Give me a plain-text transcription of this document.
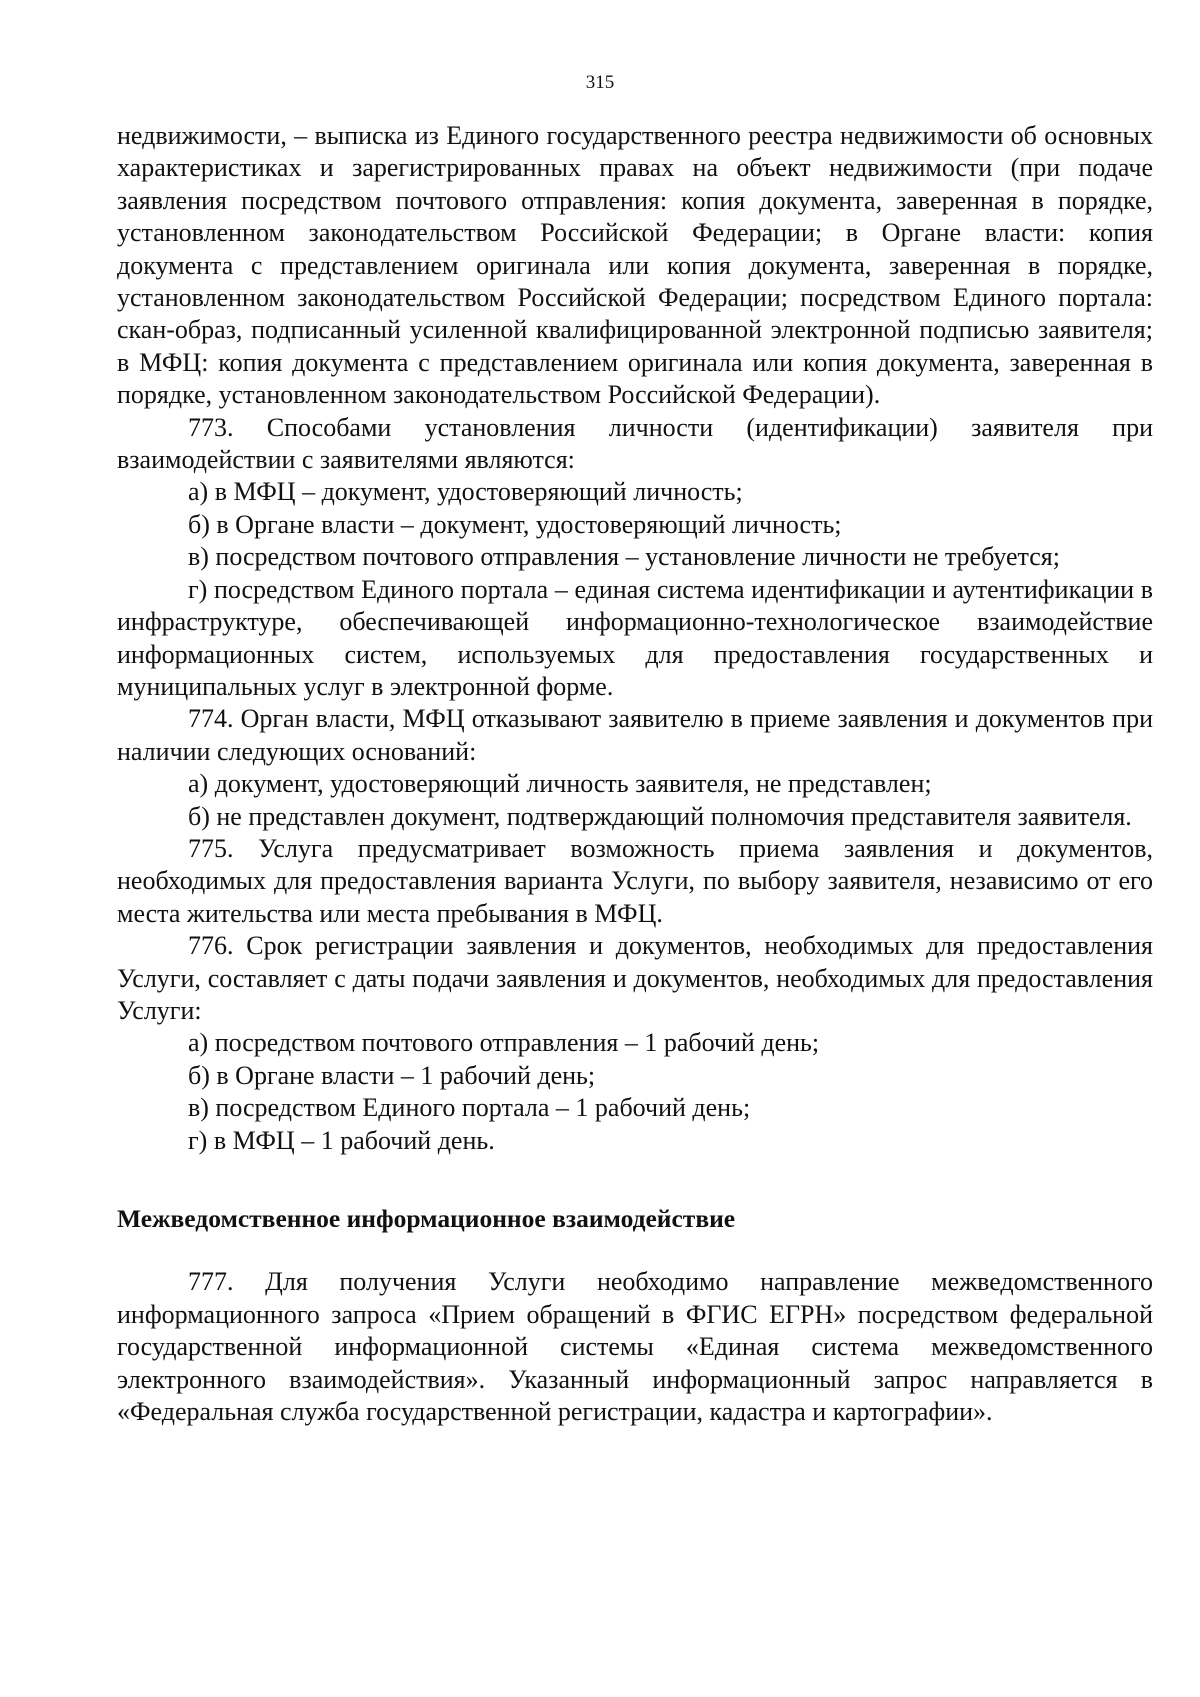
315

недвижимости, – выписка из Единого государственного реестра недвижимости об основных характеристиках и зарегистрированных правах на объект недвижимости (при подаче заявления посредством почтового отправления: копия документа, заверенная в порядке, установленном законодательством Российской Федерации; в Органе власти: копия документа с представлением оригинала или копия документа, заверенная в порядке, установленном законодательством Российской Федерации; посредством Единого портала: скан-образ, подписанный усиленной квалифицированной электронной подписью заявителя; в МФЦ: копия документа с представлением оригинала или копия документа, заверенная в порядке, установленном законодательством Российской Федерации).

773. Способами установления личности (идентификации) заявителя при взаимодействии с заявителями являются:

а) в МФЦ – документ, удостоверяющий личность;

б) в Органе власти – документ, удостоверяющий личность;

в) посредством почтового отправления – установление личности не требуется;

г) посредством Единого портала – единая система идентификации и аутентификации в инфраструктуре, обеспечивающей информационно-технологическое взаимодействие информационных систем, используемых для предоставления государственных и муниципальных услуг в электронной форме.

774. Орган власти, МФЦ отказывают заявителю в приеме заявления и документов при наличии следующих оснований:

а) документ, удостоверяющий личность заявителя, не представлен;

б) не представлен документ, подтверждающий полномочия представителя заявителя.

775. Услуга предусматривает возможность приема заявления и документов, необходимых для предоставления варианта Услуги, по выбору заявителя, независимо от его места жительства или места пребывания в МФЦ.

776. Срок регистрации заявления и документов, необходимых для предоставления Услуги, составляет с даты подачи заявления и документов, необходимых для предоставления Услуги:

а) посредством почтового отправления – 1 рабочий день;

б) в Органе власти – 1 рабочий день;

в) посредством Единого портала – 1 рабочий день;

г) в МФЦ – 1 рабочий день.

Межведомственное информационное взаимодействие

777. Для получения Услуги необходимо направление межведомственного информационного запроса «Прием обращений в ФГИС ЕГРН» посредством федеральной государственной информационной системы «Единая система межведомственного электронного взаимодействия». Указанный информационный запрос направляется в «Федеральная служба государственной регистрации, кадастра и картографии».
